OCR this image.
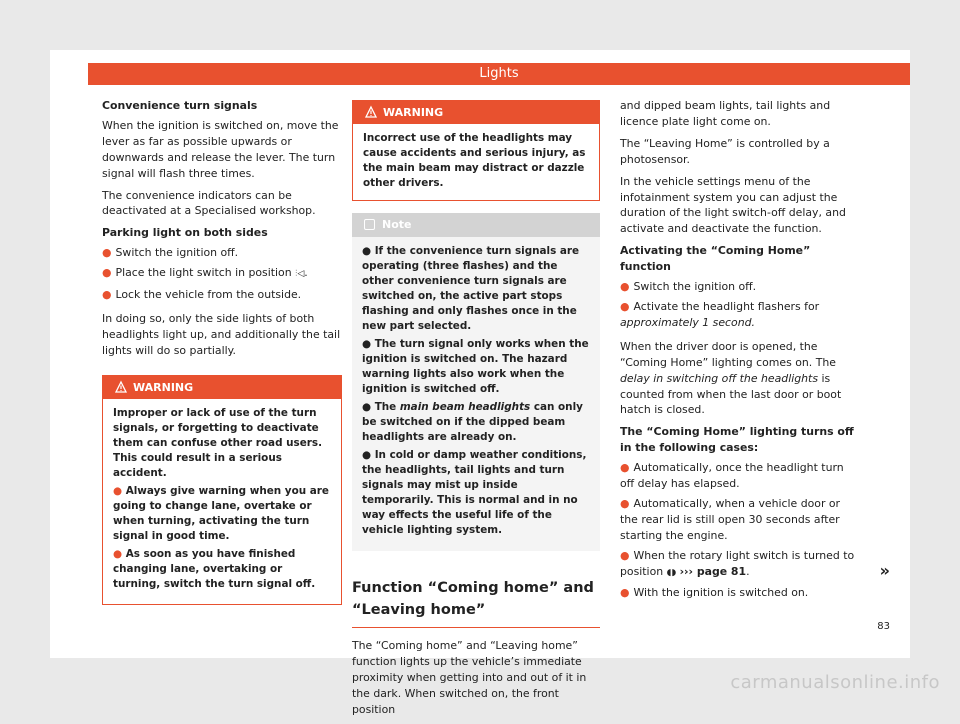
Lights
Convenience turn signals

When the ignition is switched on, move the lever as far as possible upwards or downwards and release the lever. The turn signal will flash three times.

The convenience indicators can be deactivated at a Specialised workshop.

Parking light on both sides
● Switch the ignition off.
● Place the light switch in position ⫶◁.
● Lock the vehicle from the outside.

In doing so, only the side lights of both headlights light up, and additionally the tail lights will do so partially.

WARNING
Improper or lack of use of the turn signals, or forgetting to deactivate them can confuse other road users. This could result in a serious accident.
● Always give warning when you are going to change lane, overtake or when turning, activating the turn signal in good time.
● As soon as you have finished changing lane, overtaking or turning, switch the turn signal off.
WARNING
Incorrect use of the headlights may cause accidents and serious injury, as the main beam may distract or dazzle other drivers.
Note
● If the convenience turn signals are operating (three flashes) and the other convenience turn signals are switched on, the active part stops flashing and only flashes once in the new part selected.
● The turn signal only works when the ignition is switched on. The hazard warning lights also work when the ignition is switched off.
● The main beam headlights can only be switched on if the dipped beam headlights are already on.
● In cold or damp weather conditions, the headlights, tail lights and turn signals may mist up inside temporarily. This is normal and in no way effects the useful life of the vehicle lighting system.
Function “Coming home” and “Leaving home”

The “Coming home” and “Leaving home” function lights up the vehicle’s immediate proximity when getting into and out of it in the dark. When switched on, the front position

and dipped beam lights, tail lights and licence plate light come on.

The “Leaving Home” is controlled by a photosensor.

In the vehicle settings menu of the infotainment system you can adjust the duration of the light switch-off delay, and activate and deactivate the function.

Activating the “Coming Home” function
● Switch the ignition off.
● Activate the headlight flashers for approximately 1 second.

When the driver door is opened, the “Coming Home” lighting comes on. The delay in switching off the headlights is counted from when the last door or boot hatch is closed.

The “Coming Home” lighting turns off in the following cases:
● Automatically, once the headlight turn off delay has elapsed.
● Automatically, when a vehicle door or the rear lid is still open 30 seconds after starting the engine.
● When the rotary light switch is turned to position ◖◗ ››› page 81.
● With the ignition is switched on.
»
83
carmanualsonline.info
